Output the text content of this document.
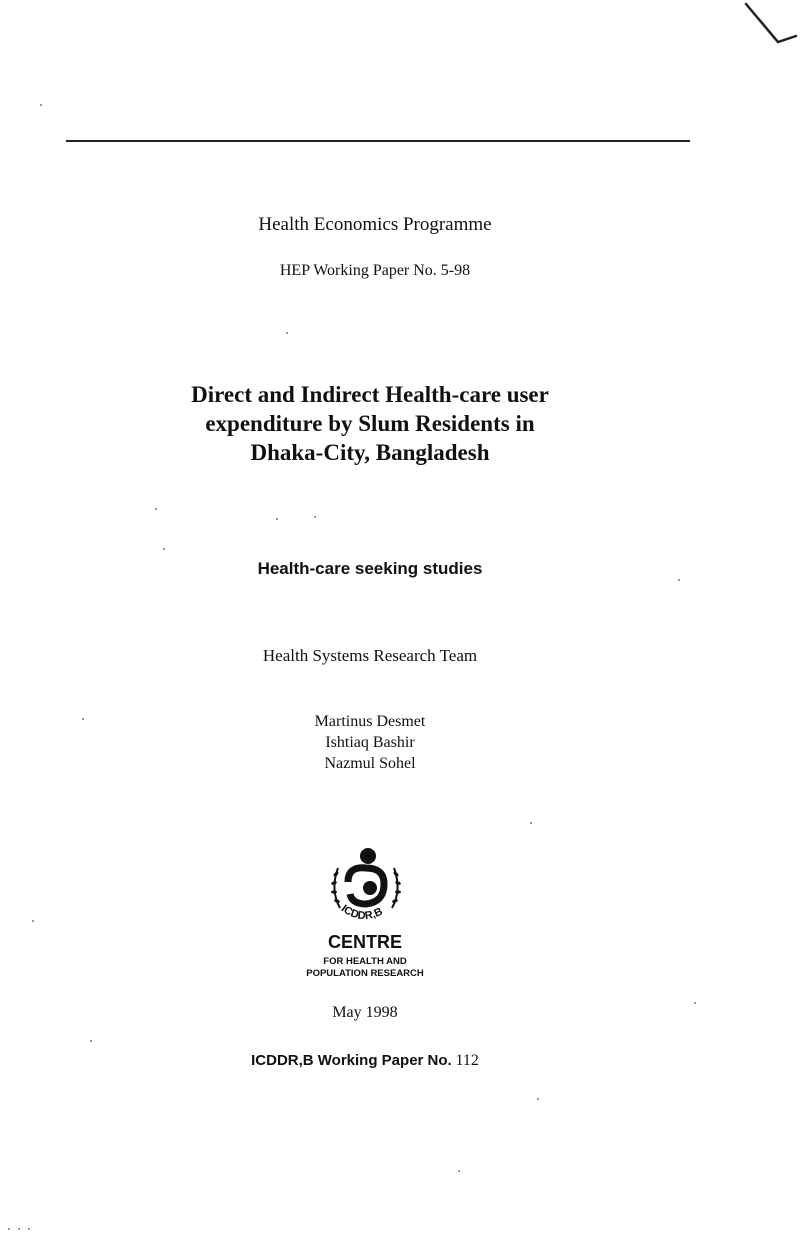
Health Economics Programme
HEP Working Paper No. 5-98
Direct and Indirect Health-care user
expenditure by Slum Residents in
Dhaka-City, Bangladesh
Health-care seeking studies
Health Systems Research Team
Martinus Desmet
Ishtiaq Bashir
Nazmul Sohel
ICDDR,B
CENTRE
FOR HEALTH AND
POPULATION RESEARCH
May 1998
ICDDR,B Working Paper No. 112
